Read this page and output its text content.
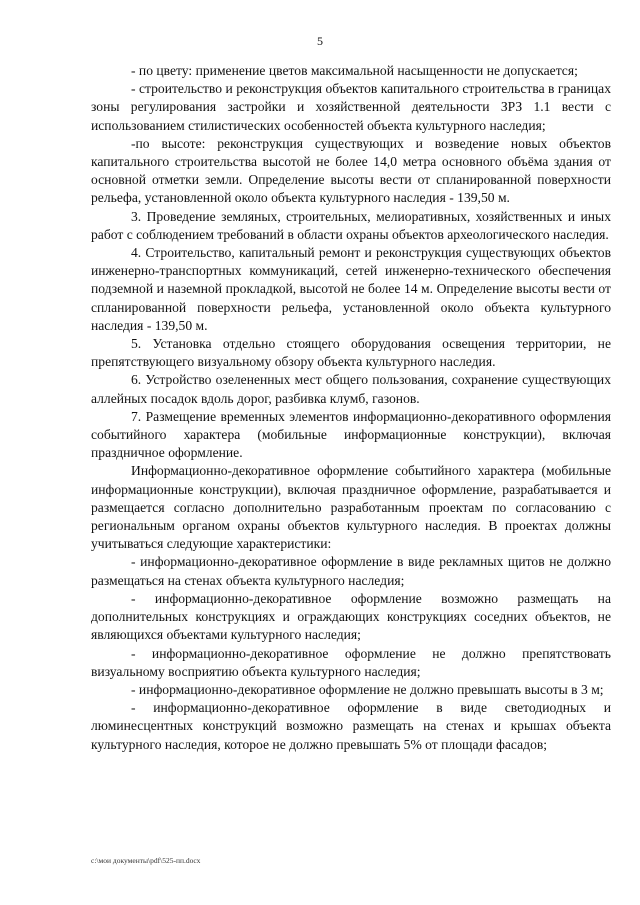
5

- по цвету: применение цветов максимальной насыщенности не допускается;

- строительство и реконструкция объектов капитального строительства в границах зоны регулирования застройки и хозяйственной деятельности ЗРЗ 1.1 вести с использованием стилистических особенностей объекта культурного наследия;

-по высоте: реконструкция существующих и возведение новых объектов капитального строительства высотой не более 14,0 метра основного объёма здания от основной отметки земли. Определение высоты вести от спланированной поверхности рельефа, установленной около объекта культурного наследия - 139,50 м.

3. Проведение земляных, строительных, мелиоративных, хозяйственных и иных работ с соблюдением требований в области охраны объектов археологического наследия.

4. Строительство, капитальный ремонт и реконструкция существующих объектов инженерно-транспортных коммуникаций, сетей инженерно-технического обеспечения подземной и наземной прокладкой, высотой не более 14 м. Определение высоты вести от спланированной поверхности рельефа, установленной около объекта культурного наследия - 139,50 м.

5. Установка отдельно стоящего оборудования освещения территории, не препятствующего визуальному обзору объекта культурного наследия.

6. Устройство озелененных мест общего пользования, сохранение существующих аллейных посадок вдоль дорог, разбивка клумб, газонов.

7. Размещение временных элементов информационно-декоративного оформления событийного характера (мобильные информационные конструкции), включая праздничное оформление.

Информационно-декоративное оформление событийного характера (мобильные информационные конструкции), включая праздничное оформление, разрабатывается и размещается согласно дополнительно разработанным проектам по согласованию с региональным органом охраны объектов культурного наследия. В проектах должны учитываться следующие характеристики:

- информационно-декоративное оформление в виде рекламных щитов не должно размещаться на стенах объекта культурного наследия;

- информационно-декоративное оформление возможно размещать на дополнительных конструкциях и ограждающих конструкциях соседних объектов, не являющихся объектами культурного наследия;

- информационно-декоративное оформление не должно препятствовать визуальному восприятию объекта культурного наследия;

- информационно-декоративное оформление не должно превышать высоты в 3 м;

- информационно-декоративное оформление в виде светодиодных и люминесцентных конструкций возможно размещать на стенах и крышах объекта культурного наследия, которое не должно превышать 5% от площади фасадов;

c:\мои документы\pdf\525-пп.docx
